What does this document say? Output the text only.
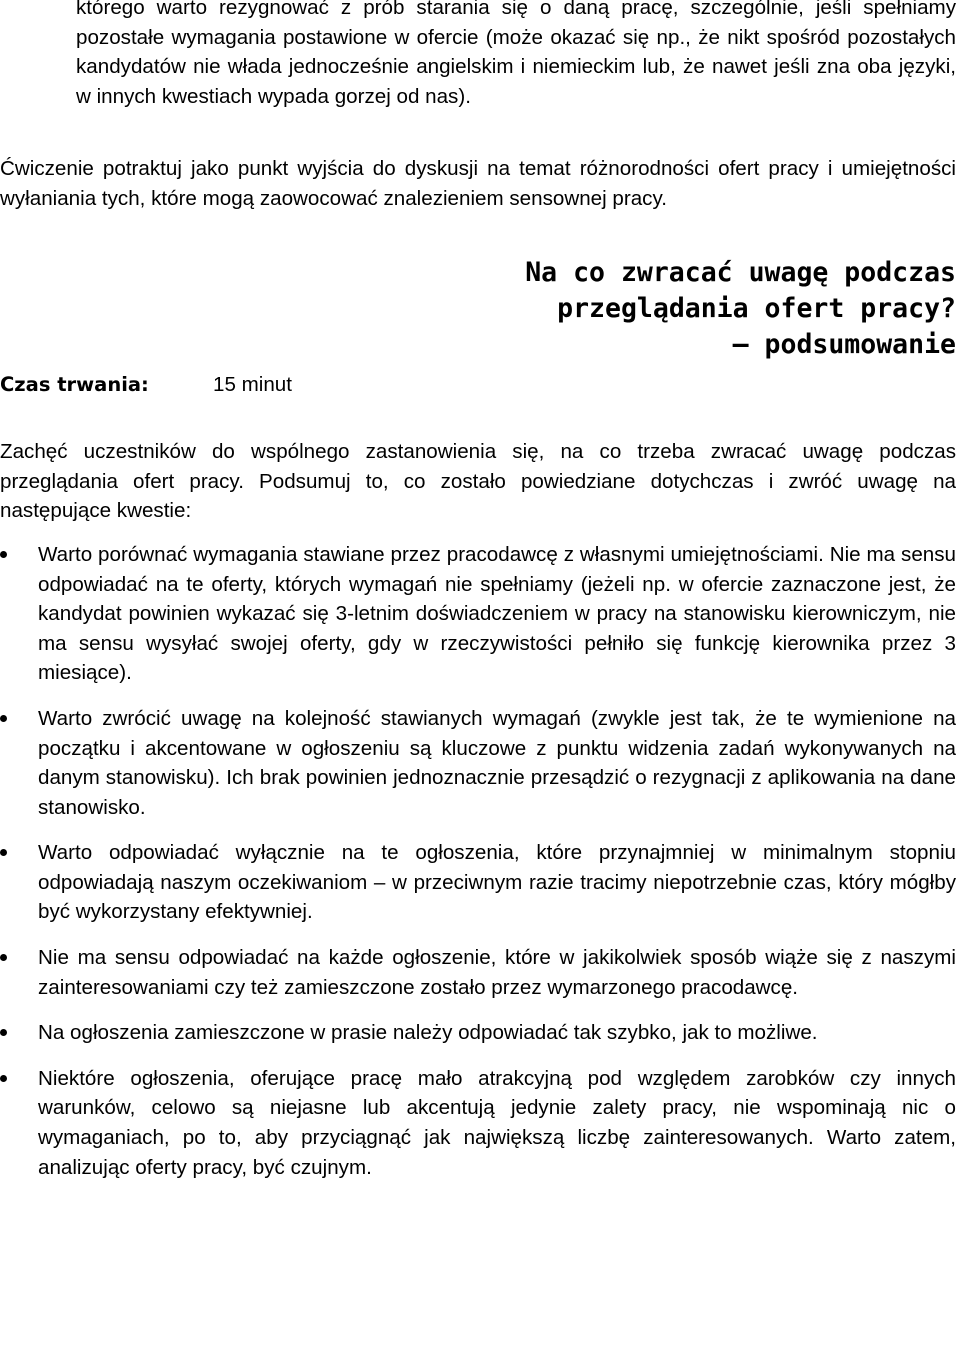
którego warto rezygnować z prób starania się o daną pracę, szczególnie, jeśli spełniamy pozostałe wymagania postawione w ofercie (może okazać się np., że nikt spośród pozostałych kandydatów nie włada jednocześnie angielskim i niemieckim lub, że nawet jeśli zna oba języki, w innych kwestiach wypada gorzej od nas).

Ćwiczenie potraktuj jako punkt wyjścia do dyskusji na temat różnorodności ofert pracy i umiejętności wyłaniania tych, które mogą zaowocować znalezieniem sensownej pracy.

Na co zwracać uwagę podczas
przeglądania ofert pracy?
– podsumowanie
Czas trwania:	15 minut

Zachęć uczestników do wspólnego zastanowienia się, na co trzeba zwracać uwagę podczas przeglądania ofert pracy. Podsumuj to, co zostało powiedziane dotychczas i zwróć uwagę na następujące kwestie:

Warto porównać wymagania stawiane przez pracodawcę z własnymi umiejętnościami. Nie ma sensu odpowiadać na te oferty, których wymagań nie spełniamy (jeżeli np. w ofercie zaznaczone jest, że kandydat powinien wykazać się 3-letnim doświadczeniem w pracy na stanowisku kierowniczym, nie ma sensu wysyłać swojej oferty, gdy w rzeczywistości pełniło się funkcję kierownika przez 3 miesiące).
Warto zwrócić uwagę na kolejność stawianych wymagań (zwykle jest tak, że te wymienione na początku i akcentowane w ogłoszeniu są kluczowe z punktu widzenia zadań wykonywanych na danym stanowisku). Ich brak powinien jednoznacznie przesądzić o rezygnacji z aplikowania na dane stanowisko.
Warto odpowiadać wyłącznie na te ogłoszenia, które przynajmniej w minimalnym stopniu odpowiadają naszym oczekiwaniom – w przeciwnym razie tracimy niepotrzebnie czas, który mógłby być wykorzystany efektywniej.
Nie ma sensu odpowiadać na każde ogłoszenie, które w jakikolwiek sposób wiąże się z naszymi zainteresowaniami czy też zamieszczone zostało przez wymarzonego pracodawcę.
Na ogłoszenia zamieszczone w prasie należy odpowiadać tak szybko, jak to możliwe.
Niektóre ogłoszenia, oferujące pracę mało atrakcyjną pod względem zarobków czy innych warunków, celowo są niejasne lub akcentują jedynie zalety pracy, nie wspominają nic o wymaganiach, po to, aby przyciągnąć jak największą liczbę zainteresowanych. Warto zatem, analizując oferty pracy, być czujnym.
